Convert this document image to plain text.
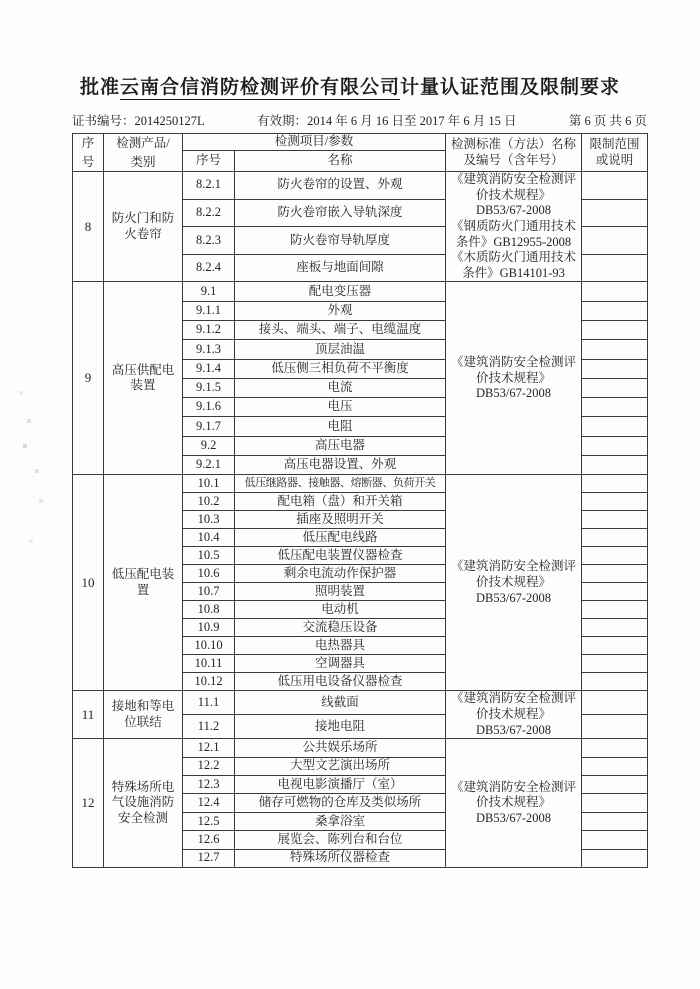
批准云南合信消防检测评价有限公司计量认证范围及限制要求
证书编号：2014250127L	有效期：2014 年 6 月 16 日至 2017 年 6 月 15 日	第 6 页 共 6 页
序号	检测产品/类别	检测项目/参数		检测标准（方法）名称及编号（含年号）	限制范围或说明
		序号	名称		
8	防火门和防火卷帘	8.2.1	防火卷帘的设置、外观	《建筑消防安全检测评价技术规程》
DB53/67-2008
《钢质防火门通用技术条件》GB12955-2008
《木质防火门通用技术条件》GB14101-93	

		8.2.2	防火卷帘嵌入导轨深度		
		8.2.3	防火卷帘导轨厚度		
		8.2.4	座板与地面间隙		
9	高压供配电装置	9.1	配电变压器	《建筑消防安全检测评价技术规程》
DB53/67-2008	

		9.1.1	外观		
		9.1.2	接头、端头、端子、电缆温度		
		9.1.3	顶层油温		
		9.1.4	低压侧三相负荷不平衡度		
		9.1.5	电流		
		9.1.6	电压		
		9.1.7	电阻		
		9.2	高压电器		
		9.2.1	高压电器设置、外观		
10	低压配电装置	10.1	低压继路器、接触器、熔断器、负荷开关	《建筑消防安全检测评价技术规程》
DB53/67-2008	

		10.2	配电箱（盘）和开关箱		
		10.3	插座及照明开关		
		10.4	低压配电线路		
		10.5	低压配电装置仪器检查		
		10.6	剩余电流动作保护器		
		10.7	照明装置		
		10.8	电动机		
		10.9	交流稳压设备		
		10.10	电热器具		
		10.11	空调器具		
		10.12	低压用电设备仪器检查		
11	接地和等电位联结	11.1	线截面	《建筑消防安全检测评价技术规程》
DB53/67-2008	

		11.2	接地电阻		
12	特殊场所电气设施消防安全检测	12.1	公共娱乐场所	《建筑消防安全检测评价技术规程》
DB53/67-2008	

		12.2	大型文艺演出场所		
		12.3	电视电影演播厅（室）		
		12.4	储存可燃物的仓库及类似场所		
		12.5	桑拿浴室		
		12.6	展览会、陈列台和台位		
		12.7	特殊场所仪器检查		
